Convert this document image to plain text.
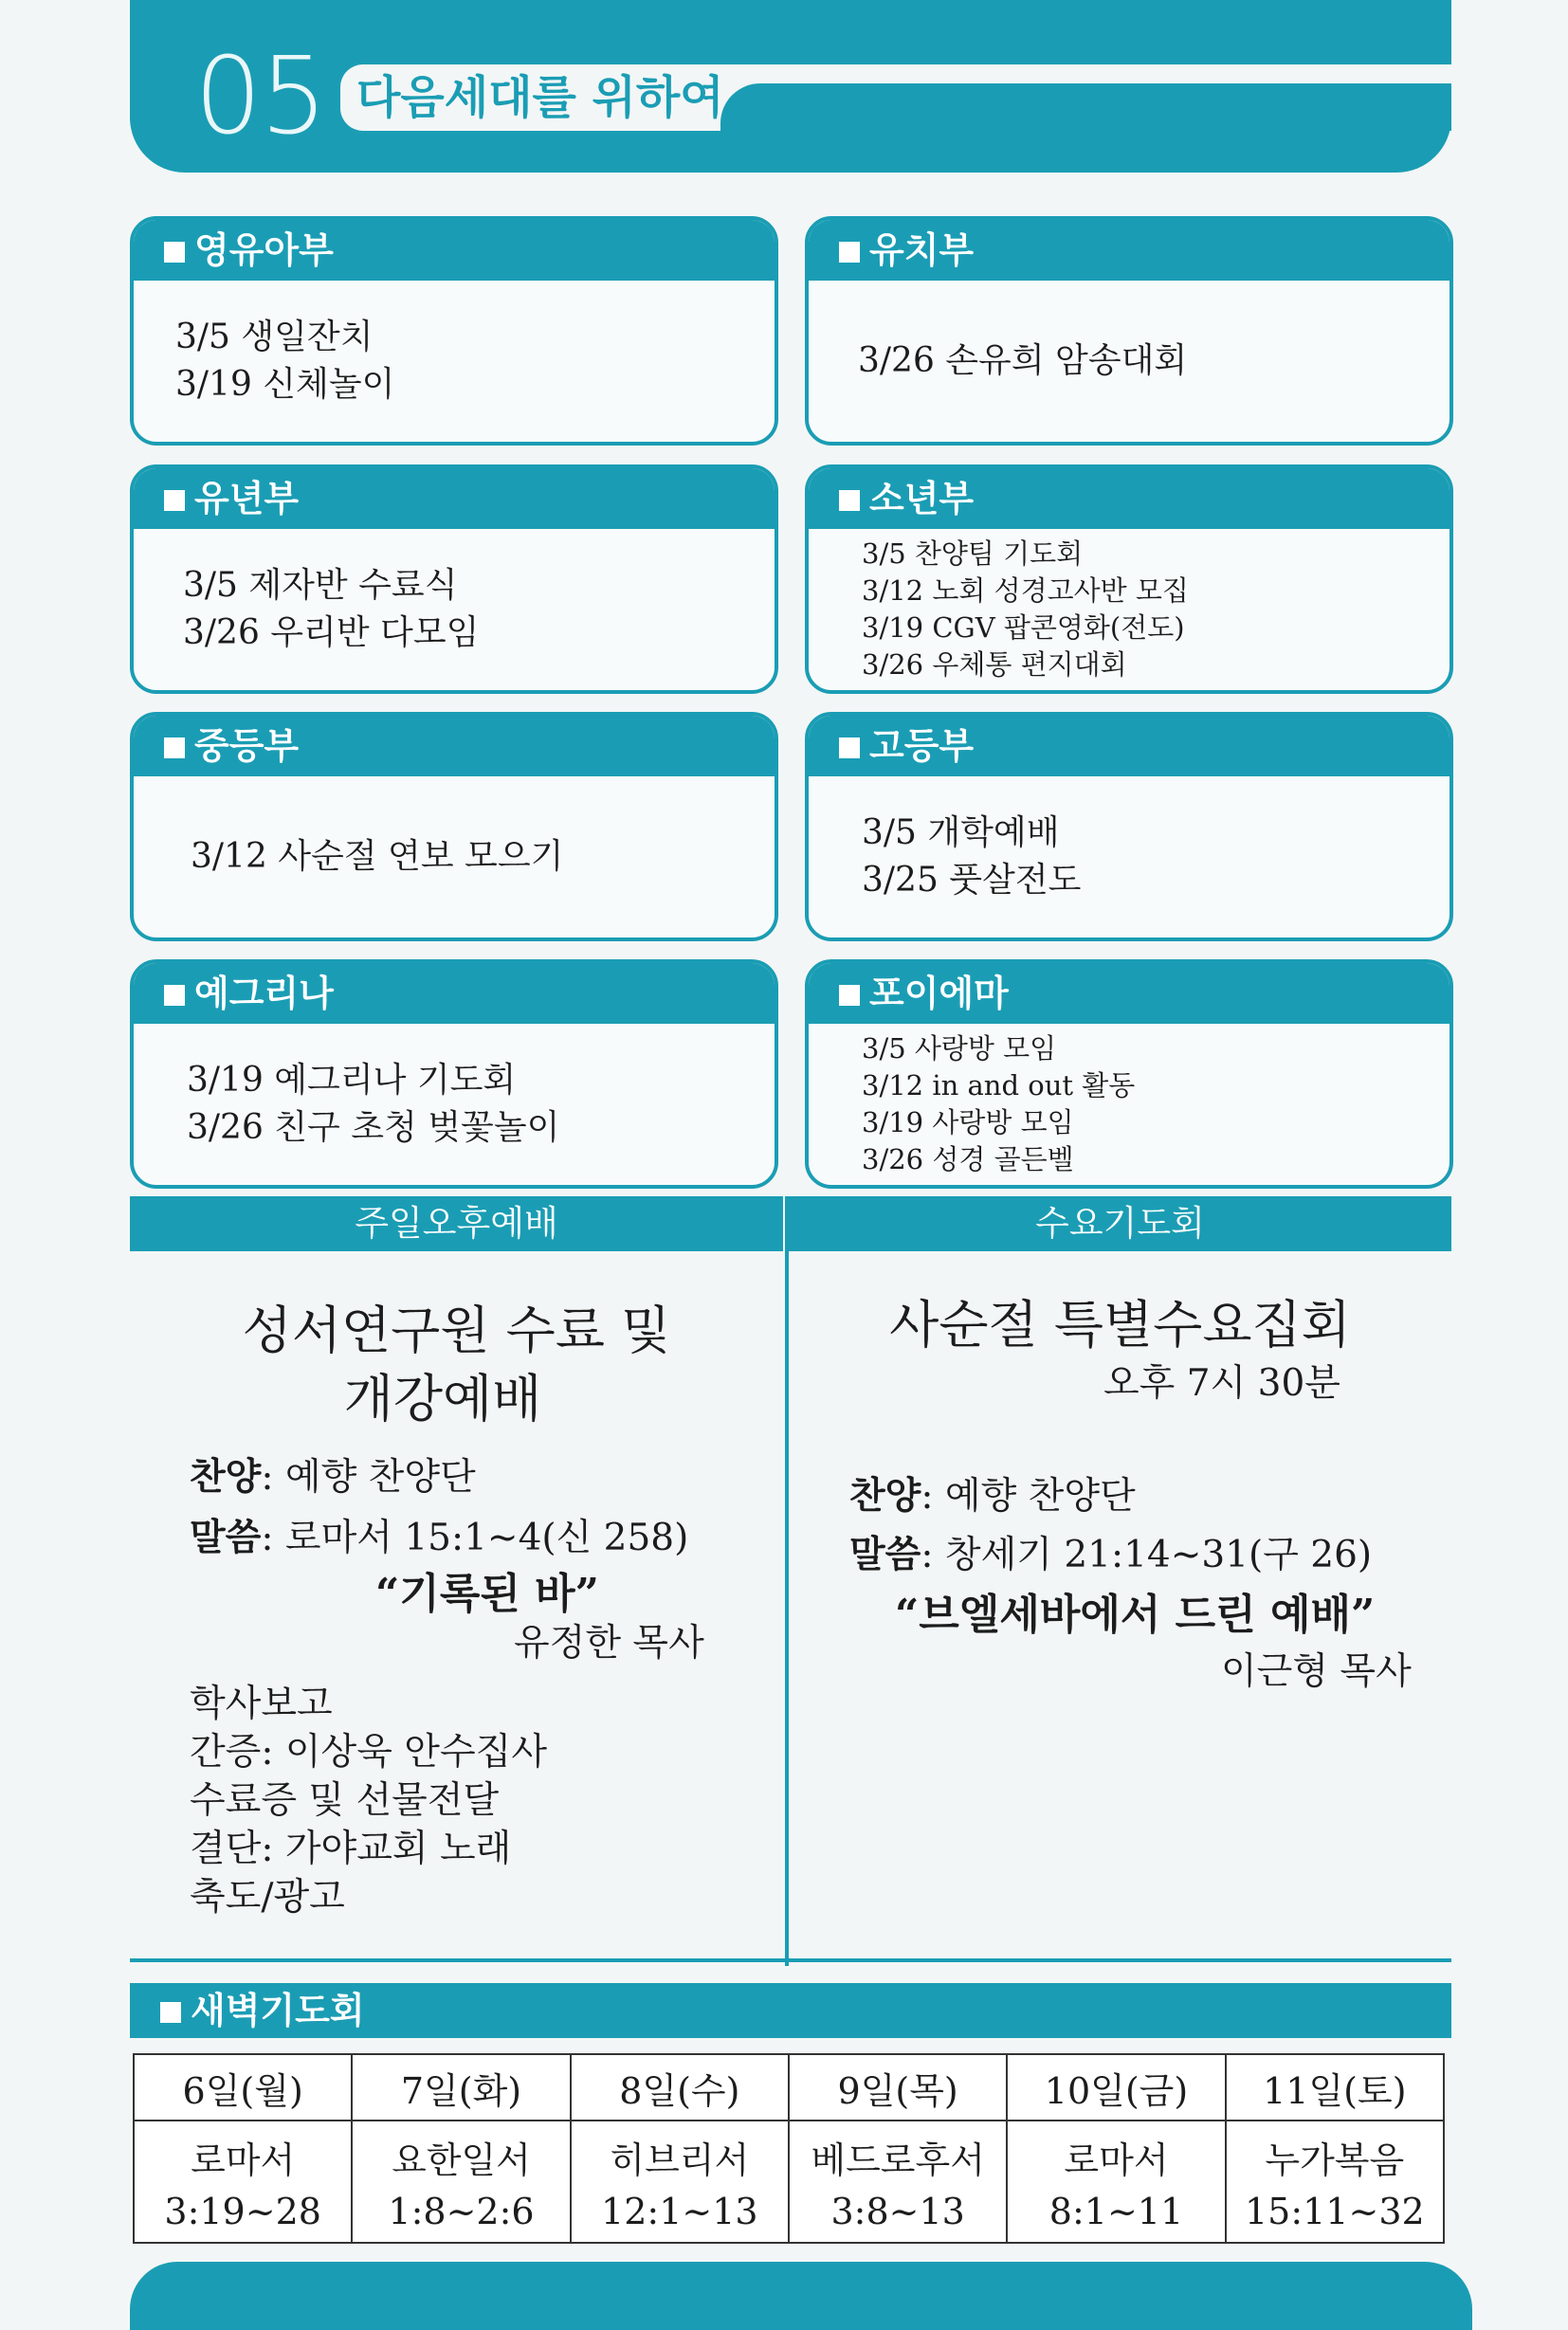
05 다음세대를 위하여
영유아부
3/5 생일잔치
3/19 신체놀이
유치부
3/26 손유희 암송대회
유년부
3/5 제자반 수료식
3/26 우리반 다모임
소년부
3/5 찬양팀 기도회
3/12 노회 성경고사반 모집
3/19 CGV 팝콘영화(전도)
3/26 우체통 편지대회
중등부
3/12 사순절 연보 모으기
고등부
3/5 개학예배
3/25 풋살전도
예그리나
3/19 예그리나 기도회
3/26 친구 초청 벚꽃놀이
포이에마
3/5 사랑방 모임
3/12 in and out 활동
3/19 사랑방 모임
3/26 성경 골든벨
주일오후예배	수요기도회
성서연구원 수료 및
개강예배
찬양: 예향 찬양단
말씀: 로마서 15:1~4(신 258)
“기록된 바”
유정한 목사
학사보고
간증: 이상욱 안수집사
수료증 및 선물전달
결단: 가야교회 노래
축도/광고
사순절 특별수요집회
오후 7시 30분
찬양: 예향 찬양단
말씀: 창세기 21:14~31(구 26)
“브엘세바에서 드린 예배”
이근형 목사
새벽기도회
6일(월)	7일(화)	8일(수)	9일(목)	10일(금)	11일(토)
로마서	요한일서	히브리서	베드로후서	로마서	누가복음
3:19~28	1:8~2:6	12:1~13	3:8~13	8:1~11	15:11~32
